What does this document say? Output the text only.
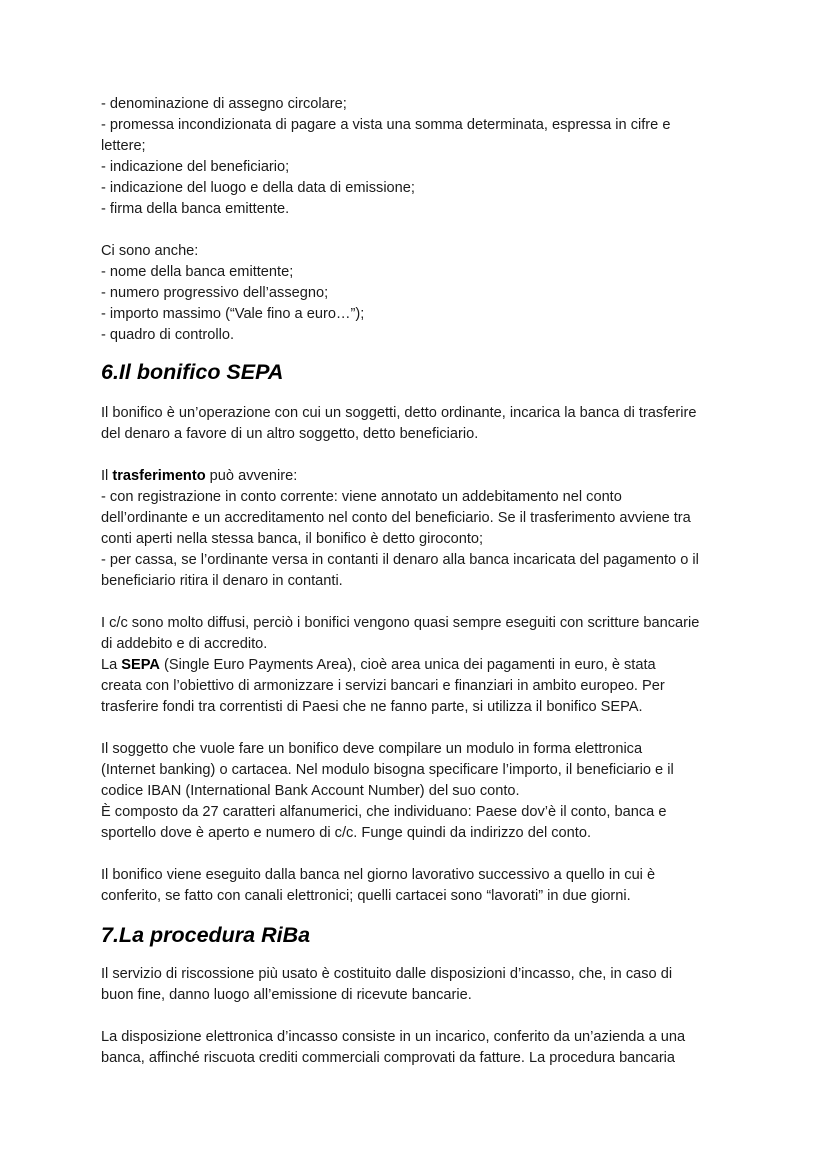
- denominazione di assegno circolare;

- promessa incondizionata di pagare a vista una somma determinata, espressa in cifre e

lettere;

- indicazione del beneficiario;

- indicazione del luogo e della data di emissione;

- firma della banca emittente.

Ci sono anche:

- nome della banca emittente;

- numero progressivo dell’assegno;

- importo massimo (“Vale fino a euro…”);

- quadro di controllo.

6.Il bonifico SEPA

Il bonifico è un’operazione con cui un soggetti, detto ordinante, incarica la banca di trasferire

del denaro a favore di un altro soggetto, detto beneficiario.

Il trasferimento può avvenire:

- con registrazione in conto corrente: viene annotato un addebitamento nel conto

dell’ordinante e un accreditamento nel conto del beneficiario. Se il trasferimento avviene tra

conti aperti nella stessa banca, il bonifico è detto giroconto;

- per cassa, se l’ordinante versa in contanti il denaro alla banca incaricata del pagamento o il

beneficiario ritira il denaro in contanti.

I c/c sono molto diffusi, perciò i bonifici vengono quasi sempre eseguiti con scritture bancarie

di addebito e di accredito.

La SEPA (Single Euro Payments Area), cioè area unica dei pagamenti in euro, è stata

creata con l’obiettivo di armonizzare i servizi bancari e finanziari in ambito europeo. Per

trasferire fondi tra correntisti di Paesi che ne fanno parte, si utilizza il bonifico SEPA.

Il soggetto che vuole fare un bonifico deve compilare un modulo in forma elettronica

(Internet banking) o cartacea. Nel modulo bisogna specificare l’importo, il beneficiario e il

codice IBAN (International Bank Account Number) del suo conto.

È composto da 27 caratteri alfanumerici, che individuano: Paese dov’è il conto, banca e

sportello dove è aperto e numero di c/c. Funge quindi da indirizzo del conto.

Il bonifico viene eseguito dalla banca nel giorno lavorativo successivo a quello in cui è

conferito, se fatto con canali elettronici; quelli cartacei sono “lavorati” in due giorni.

7.La procedura RiBa

Il servizio di riscossione più usato è costituito dalle disposizioni d’incasso, che, in caso di

buon fine, danno luogo all’emissione di ricevute bancarie.

La disposizione elettronica d’incasso consiste in un incarico, conferito da un’azienda a una

banca, affinché riscuota crediti commerciali comprovati da fatture. La procedura bancaria
